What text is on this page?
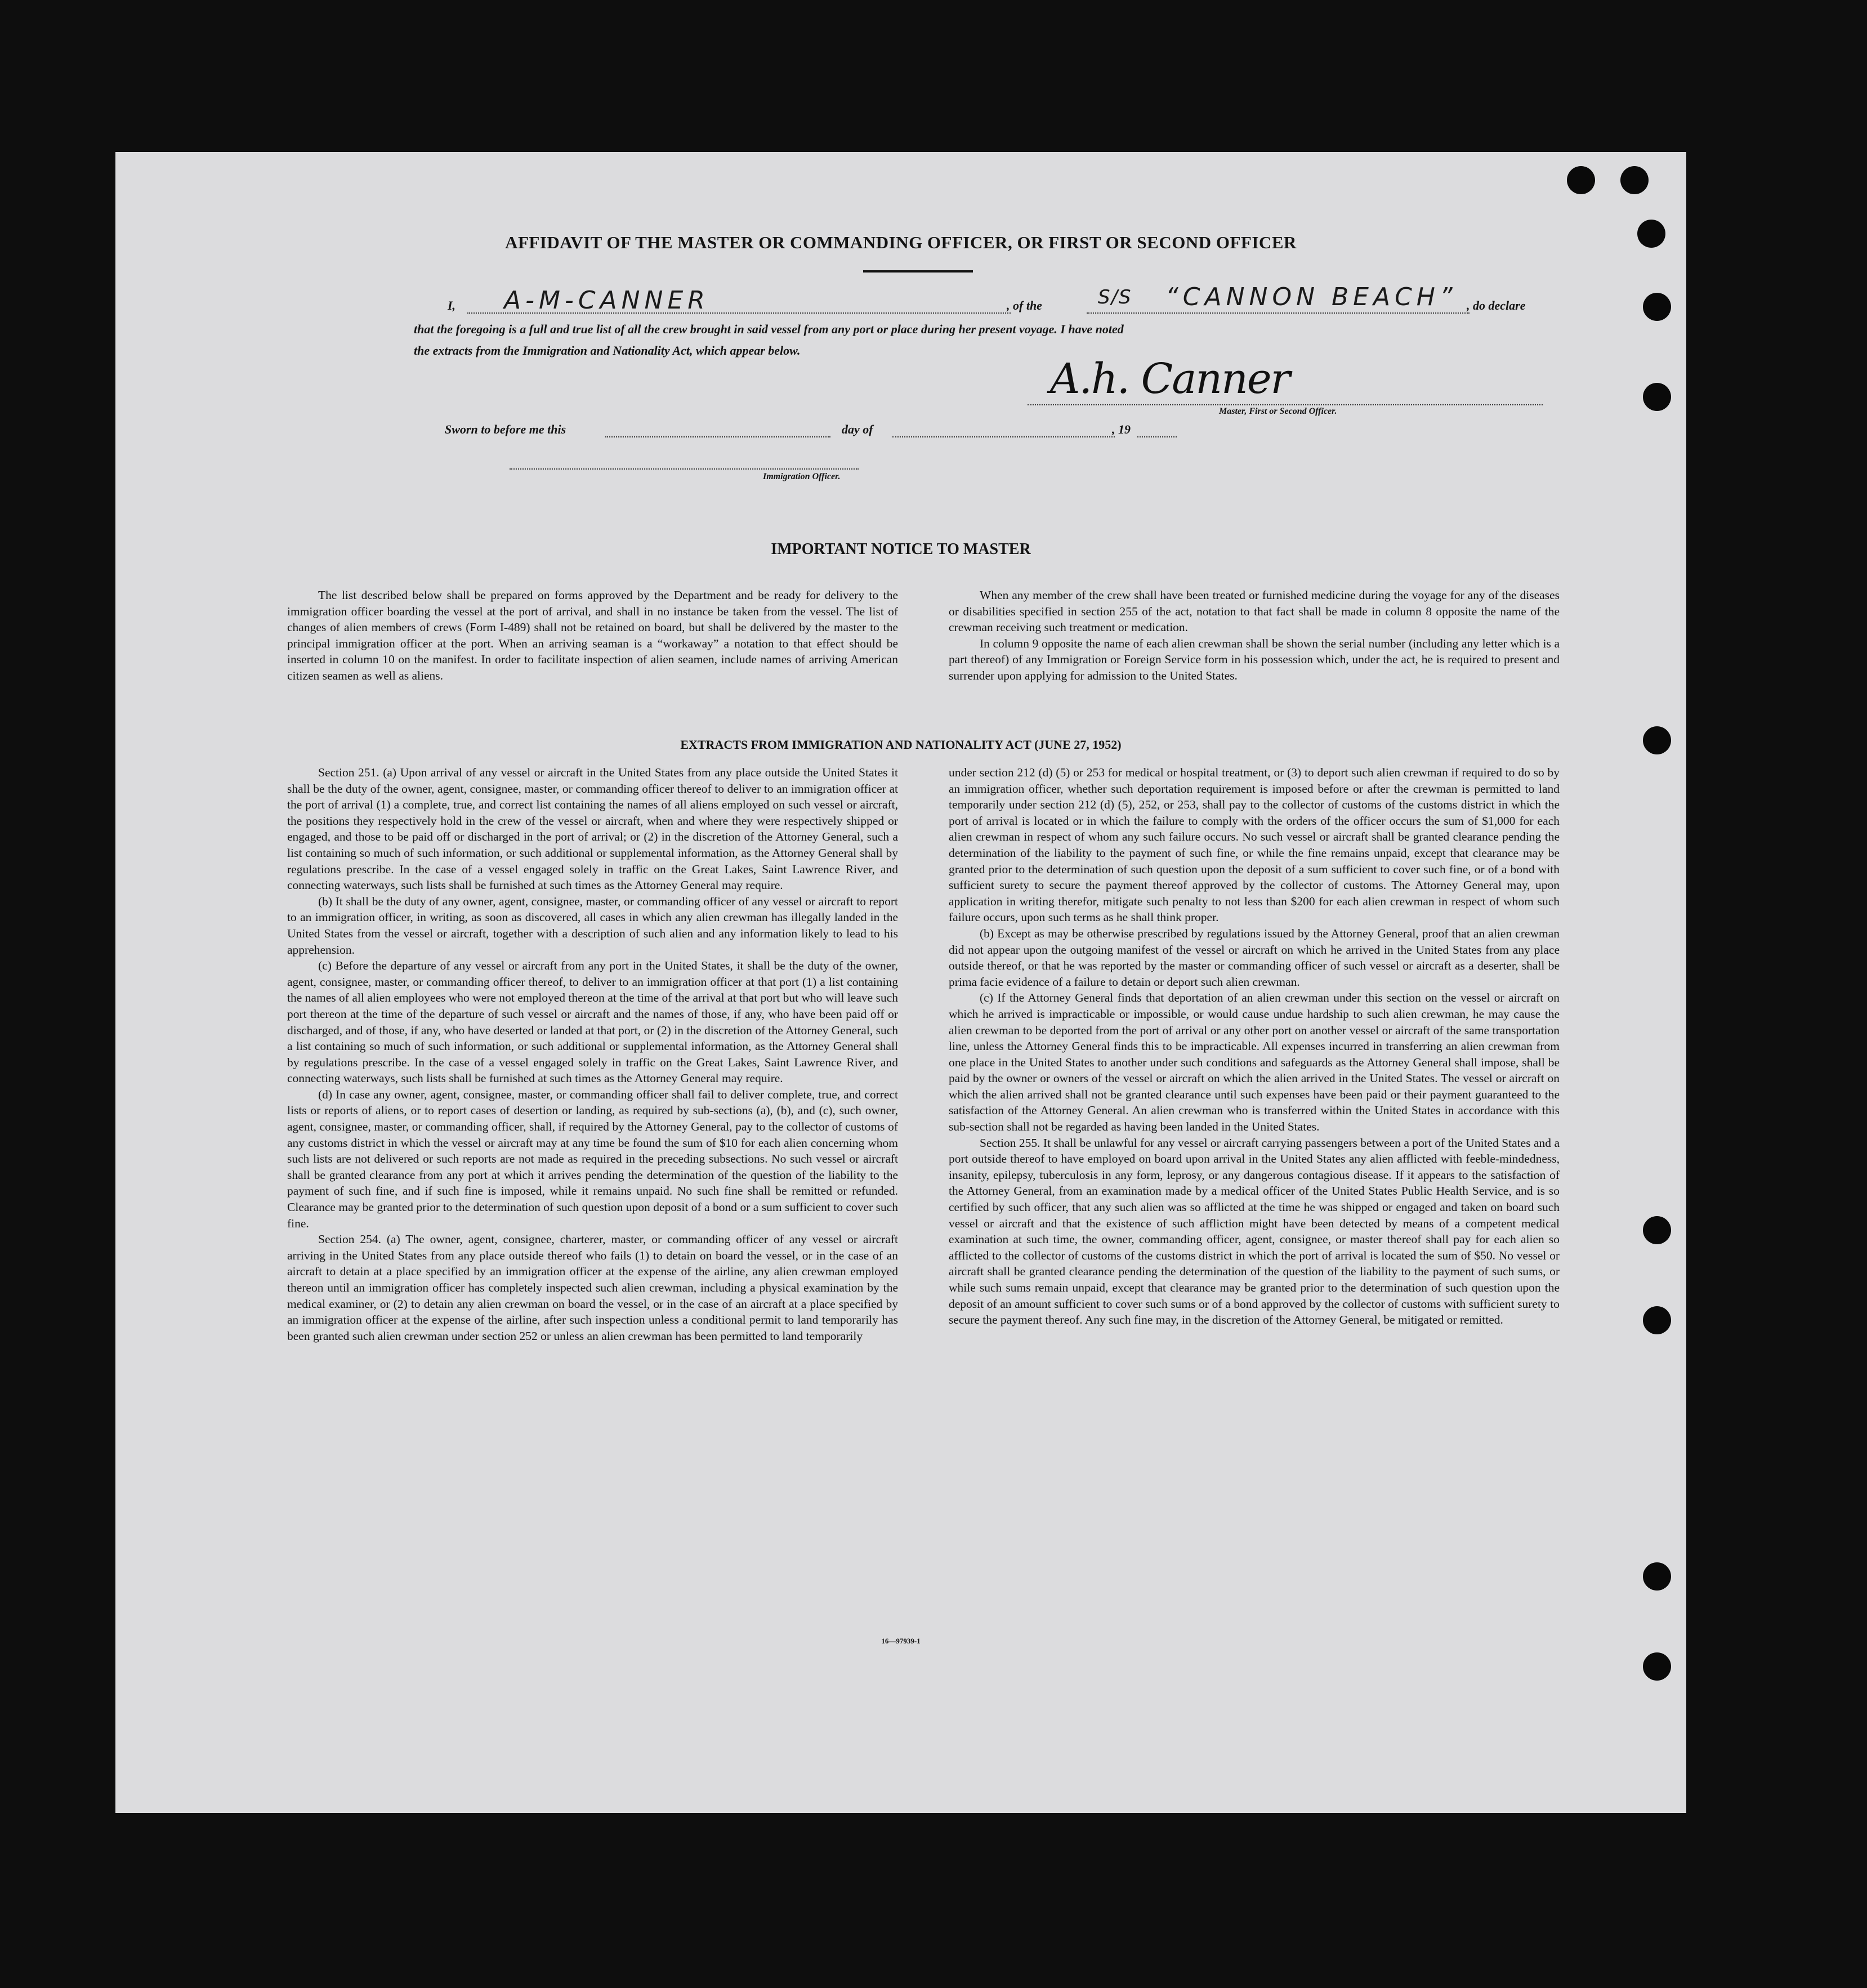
AFFIDAVIT OF THE MASTER OR COMMANDING OFFICER, OR FIRST OR SECOND OFFICER
I, A-M-CANNER	, of the	S/S “CANNON BEACH” , do declare
that the foregoing is a full and true list of all the crew brought in said vessel from any port or place during her present voyage. I have noted
the extracts from the Immigration and Nationality Act, which appear below.
A.h. Canner
Master, First or Second Officer.
Sworn to before me this	day of	, 19
Immigration Officer.
IMPORTANT NOTICE TO MASTER

The list described below shall be prepared on forms approved by the Department and be ready for delivery to the immigration officer boarding the vessel at the port of arrival, and shall in no instance be taken from the vessel. The list of changes of alien members of crews (Form I-489) shall not be retained on board, but shall be delivered by the master to the principal immigration officer at the port. When an arriving seaman is a “workaway” a notation to that effect should be inserted in column 10 on the manifest. In order to facilitate inspection of alien seamen, include names of arriving American citizen seamen as well as aliens.

When any member of the crew shall have been treated or furnished medicine during the voyage for any of the diseases or disabilities specified in section 255 of the act, notation to that fact shall be made in column 8 opposite the name of the crewman receiving such treatment or medication.

In column 9 opposite the name of each alien crewman shall be shown the serial number (including any letter which is a part thereof) of any Immigration or Foreign Service form in his possession which, under the act, he is required to present and surrender upon applying for admission to the United States.

EXTRACTS FROM IMMIGRATION AND NATIONALITY ACT (JUNE 27, 1952)

Section 251. (a) Upon arrival of any vessel or aircraft in the United States from any place outside the United States it shall be the duty of the owner, agent, consignee, master, or commanding officer thereof to deliver to an immigration officer at the port of arrival (1) a complete, true, and correct list containing the names of all aliens employed on such vessel or aircraft, the positions they respectively hold in the crew of the vessel or aircraft, when and where they were respectively shipped or engaged, and those to be paid off or discharged in the port of arrival; or (2) in the discretion of the Attorney General, such a list containing so much of such information, or such additional or supplemental information, as the Attorney General shall by regulations prescribe. In the case of a vessel engaged solely in traffic on the Great Lakes, Saint Lawrence River, and connecting waterways, such lists shall be furnished at such times as the Attorney General may require.

(b) It shall be the duty of any owner, agent, consignee, master, or commanding officer of any vessel or aircraft to report to an immigration officer, in writing, as soon as discovered, all cases in which any alien crewman has illegally landed in the United States from the vessel or aircraft, together with a description of such alien and any information likely to lead to his apprehension.

(c) Before the departure of any vessel or aircraft from any port in the United States, it shall be the duty of the owner, agent, consignee, master, or commanding officer thereof, to deliver to an immigration officer at that port (1) a list containing the names of all alien employees who were not employed thereon at the time of the arrival at that port but who will leave such port thereon at the time of the departure of such vessel or aircraft and the names of those, if any, who have been paid off or discharged, and of those, if any, who have deserted or landed at that port, or (2) in the discretion of the Attorney General, such a list containing so much of such information, or such additional or supplemental information, as the Attorney General shall by regulations prescribe. In the case of a vessel engaged solely in traffic on the Great Lakes, Saint Lawrence River, and connecting waterways, such lists shall be furnished at such times as the Attorney General may require.

(d) In case any owner, agent, consignee, master, or commanding officer shall fail to deliver complete, true, and correct lists or reports of aliens, or to report cases of desertion or landing, as required by sub-sections (a), (b), and (c), such owner, agent, consignee, master, or commanding officer, shall, if required by the Attorney General, pay to the collector of customs of any customs district in which the vessel or aircraft may at any time be found the sum of $10 for each alien concerning whom such lists are not delivered or such reports are not made as required in the preceding subsections. No such vessel or aircraft shall be granted clearance from any port at which it arrives pending the determination of the question of the liability to the payment of such fine, and if such fine is imposed, while it remains unpaid. No such fine shall be remitted or refunded. Clearance may be granted prior to the determination of such question upon deposit of a bond or a sum sufficient to cover such fine.

Section 254. (a) The owner, agent, consignee, charterer, master, or commanding officer of any vessel or aircraft arriving in the United States from any place outside thereof who fails (1) to detain on board the vessel, or in the case of an aircraft to detain at a place specified by an immigration officer at the expense of the airline, any alien crewman employed thereon until an immigration officer has completely inspected such alien crewman, including a physical examination by the medical examiner, or (2) to detain any alien crewman on board the vessel, or in the case of an aircraft at a place specified by an immigration officer at the expense of the airline, after such inspection unless a conditional permit to land temporarily has been granted such alien crewman under section 252 or unless an alien crewman has been permitted to land temporarily

under section 212 (d) (5) or 253 for medical or hospital treatment, or (3) to deport such alien crewman if required to do so by an immigration officer, whether such deportation requirement is imposed before or after the crewman is permitted to land temporarily under section 212 (d) (5), 252, or 253, shall pay to the collector of customs of the customs district in which the port of arrival is located or in which the failure to comply with the orders of the officer occurs the sum of $1,000 for each alien crewman in respect of whom any such failure occurs. No such vessel or aircraft shall be granted clearance pending the determination of the liability to the payment of such fine, or while the fine remains unpaid, except that clearance may be granted prior to the determination of such question upon the deposit of a sum sufficient to cover such fine, or of a bond with sufficient surety to secure the payment thereof approved by the collector of customs. The Attorney General may, upon application in writing therefor, mitigate such penalty to not less than $200 for each alien crewman in respect of whom such failure occurs, upon such terms as he shall think proper.

(b) Except as may be otherwise prescribed by regulations issued by the Attorney General, proof that an alien crewman did not appear upon the outgoing manifest of the vessel or aircraft on which he arrived in the United States from any place outside thereof, or that he was reported by the master or commanding officer of such vessel or aircraft as a deserter, shall be prima facie evidence of a failure to detain or deport such alien crewman.

(c) If the Attorney General finds that deportation of an alien crewman under this section on the vessel or aircraft on which he arrived is impracticable or impossible, or would cause undue hardship to such alien crewman, he may cause the alien crewman to be deported from the port of arrival or any other port on another vessel or aircraft of the same transportation line, unless the Attorney General finds this to be impracticable. All expenses incurred in transferring an alien crewman from one place in the United States to another under such conditions and safeguards as the Attorney General shall impose, shall be paid by the owner or owners of the vessel or aircraft on which the alien arrived in the United States. The vessel or aircraft on which the alien arrived shall not be granted clearance until such expenses have been paid or their payment guaranteed to the satisfaction of the Attorney General. An alien crewman who is transferred within the United States in accordance with this sub-section shall not be regarded as having been landed in the United States.

Section 255. It shall be unlawful for any vessel or aircraft carrying passengers between a port of the United States and a port outside thereof to have employed on board upon arrival in the United States any alien afflicted with feeble-mindedness, insanity, epilepsy, tuberculosis in any form, leprosy, or any dangerous contagious disease. If it appears to the satisfaction of the Attorney General, from an examination made by a medical officer of the United States Public Health Service, and is so certified by such officer, that any such alien was so afflicted at the time he was shipped or engaged and taken on board such vessel or aircraft and that the existence of such affliction might have been detected by means of a competent medical examination at such time, the owner, commanding officer, agent, consignee, or master thereof shall pay for each alien so afflicted to the collector of customs of the customs district in which the port of arrival is located the sum of $50. No vessel or aircraft shall be granted clearance pending the determination of the question of the liability to the payment of such sums, or while such sums remain unpaid, except that clearance may be granted prior to the determination of such question upon the deposit of an amount sufficient to cover such sums or of a bond approved by the collector of customs with sufficient surety to secure the payment thereof. Any such fine may, in the discretion of the Attorney General, be mitigated or remitted.

16—97939-1
